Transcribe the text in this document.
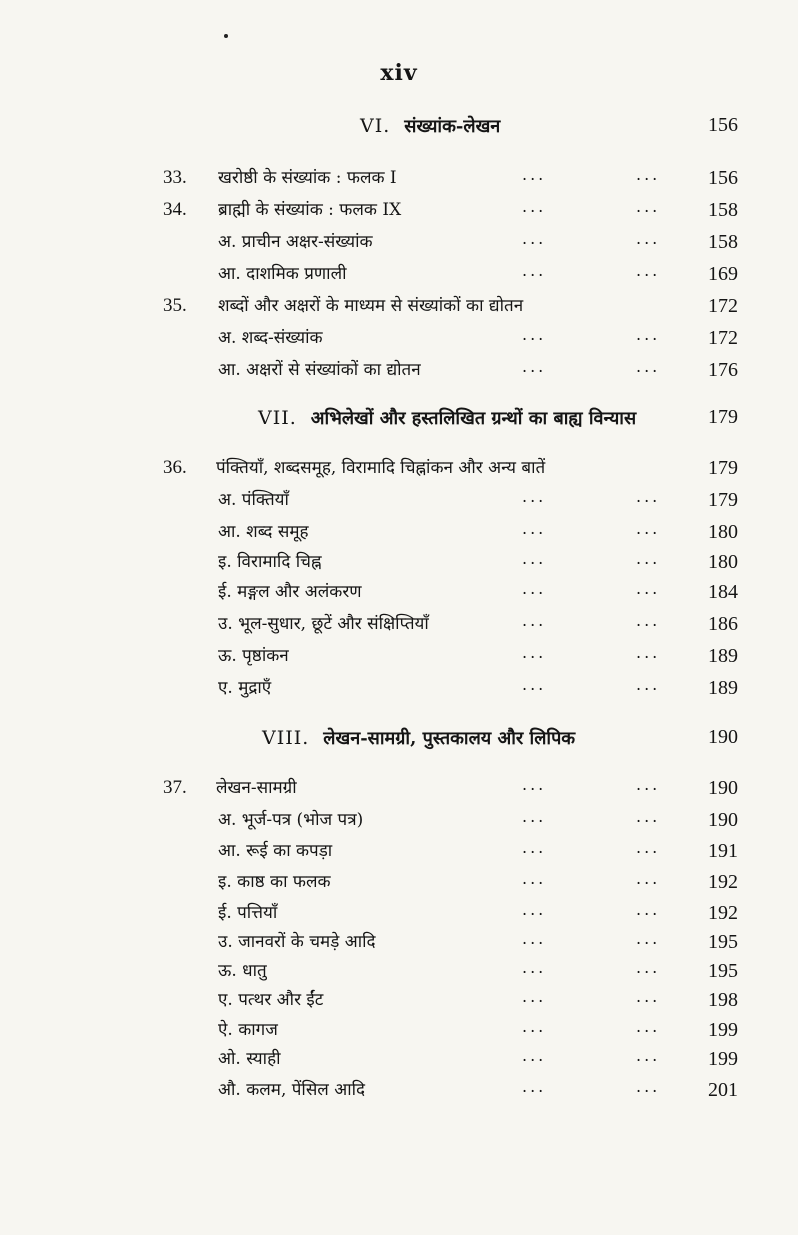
xiv
VI. संख्यांक-लेखन	156
33. खरोष्ठी के संख्यांक : फलक I	...	... 156
34. ब्राह्मी के संख्यांक : फलक IX	...	... 158
अ. प्राचीन अक्षर-संख्यांक	...	... 158
आ. दाशमिक प्रणाली	...	... 169
35. शब्दों और अक्षरों के माध्यम से संख्यांकों का द्योतन	172
अ. शब्द-संख्यांक	...	... 172
आ. अक्षरों से संख्यांकों का द्योतन	...	... 176
VII. अभिलेखों और हस्तलिखित ग्रन्थों का बाह्य विन्यास	179
36. पंक्तियाँ, शब्दसमूह, विरामादि चिह्नांकन और अन्य बातें	179
अ. पंक्तियाँ	...	... 179
आ. शब्द समूह	...	... 180
इ. विरामादि चिह्न	...	... 180
ई. मङ्गल और अलंकरण	...	... 184
उ. भूल-सुधार, छूटें और संक्षिप्तियाँ	...	... 186
ऊ. पृष्ठांकन	...	... 189
ए. मुद्राएँ	...	... 189
VIII. लेखन-सामग्री, पुस्तकालय और लिपिक	190
37. लेखन-सामग्री	...	... 190
अ. भूर्ज-पत्र (भोज पत्र)	...	... 190
आ. रूई का कपड़ा	...	... 191
इ. काष्ठ का फलक	...	... 192
ई. पत्तियाँ	...	... 192
उ. जानवरों के चमड़े आदि	...	... 195
ऊ. धातु	...	... 195
ए. पत्थर और ईंट	...	... 198
ऐ. कागज	...	... 199
ओ. स्याही	...	... 199
औ. कलम, पेंसिल आदि	...	... 201
